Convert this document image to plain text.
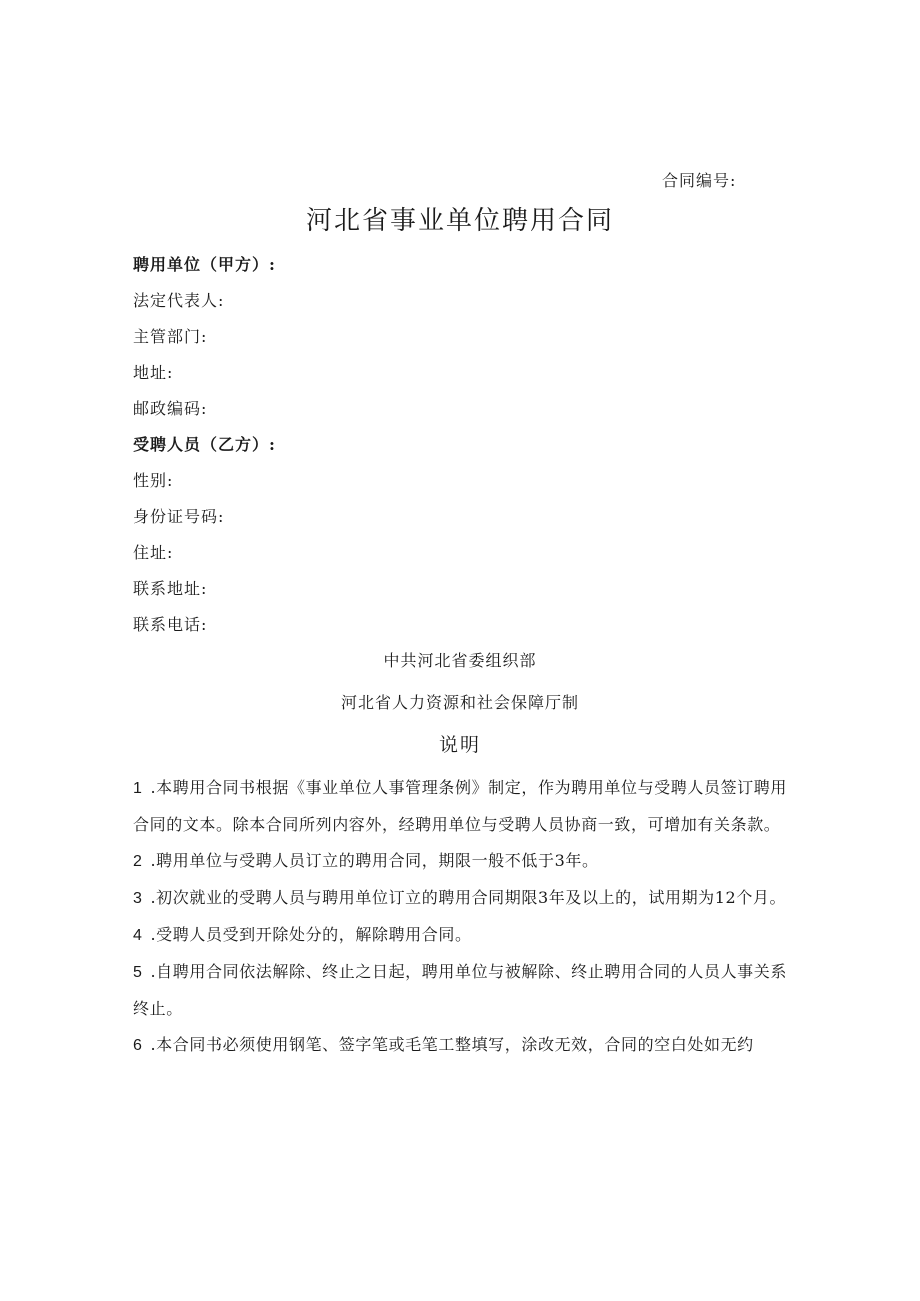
合同编号:
河北省事业单位聘用合同
聘用单位（甲方）:
法定代表人:
主管部门:
地址:
邮政编码:
受聘人员（乙方）:
性别:
身份证号码:
住址:
联系地址:
联系电话:
中共河北省委组织部
河北省人力资源和社会保障厅制
说明

1 .本聘用合同书根据《事业单位人事管理条例》制定，作为聘用单位与受聘人员签订聘用合同的文本。除本合同所列内容外，经聘用单位与受聘人员协商一致，可增加有关条款。

2 .聘用单位与受聘人员订立的聘用合同，期限一般不低于3年。

3 .初次就业的受聘人员与聘用单位订立的聘用合同期限3年及以上的，试用期为12个月。

4 .受聘人员受到开除处分的，解除聘用合同。

5 .自聘用合同依法解除、终止之日起，聘用单位与被解除、终止聘用合同的人员人事关系终止。

6 .本合同书必须使用钢笔、签字笔或毛笔工整填写，涂改无效，合同的空白处如无约
